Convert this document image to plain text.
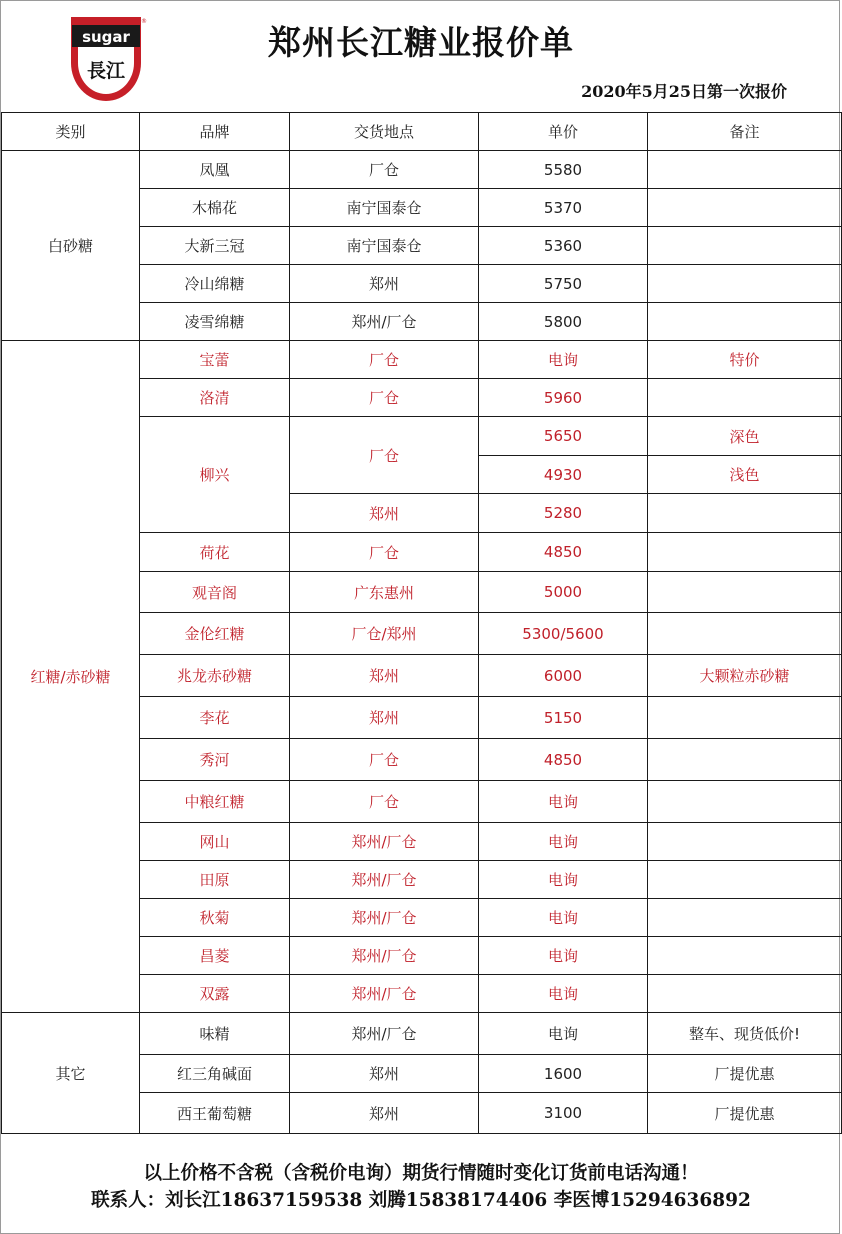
sugar
長江
®
郑州长江糖业报价单
2020年5月25日第一次报价
类别	品牌	交货地点	单价	备注
白砂糖	凤凰	厂仓	5580	
	木棉花	南宁国泰仓	5370	
	大新三冠	南宁国泰仓	5360	
	冷山绵糖	郑州	5750	
	凌雪绵糖	郑州/厂仓	5800	
红糖/赤砂糖	宝蕾	厂仓	电询	特价
	洛清	厂仓	5960	
	柳兴	厂仓	5650	深色
			4930	浅色
		郑州	5280	
	荷花	厂仓	4850	
	观音阁	广东惠州	5000	
	金伦红糖	厂仓/郑州	5300/5600	
	兆龙赤砂糖	郑州	6000	大颗粒赤砂糖
	李花	郑州	5150	
	秀河	厂仓	4850	
	中粮红糖	厂仓	电询	
	网山	郑州/厂仓	电询	
	田原	郑州/厂仓	电询	
	秋菊	郑州/厂仓	电询	
	昌菱	郑州/厂仓	电询	
	双露	郑州/厂仓	电询	
其它	味精	郑州/厂仓	电询	整车、现货低价!
	红三角碱面	郑州	1600	厂提优惠
	西王葡萄糖	郑州	3100	厂提优惠
以上价格不含税（含税价电询）期货行情随时变化订货前电话沟通！
联系人：刘长江18637159538 刘腾15838174406 李医博15294636892
